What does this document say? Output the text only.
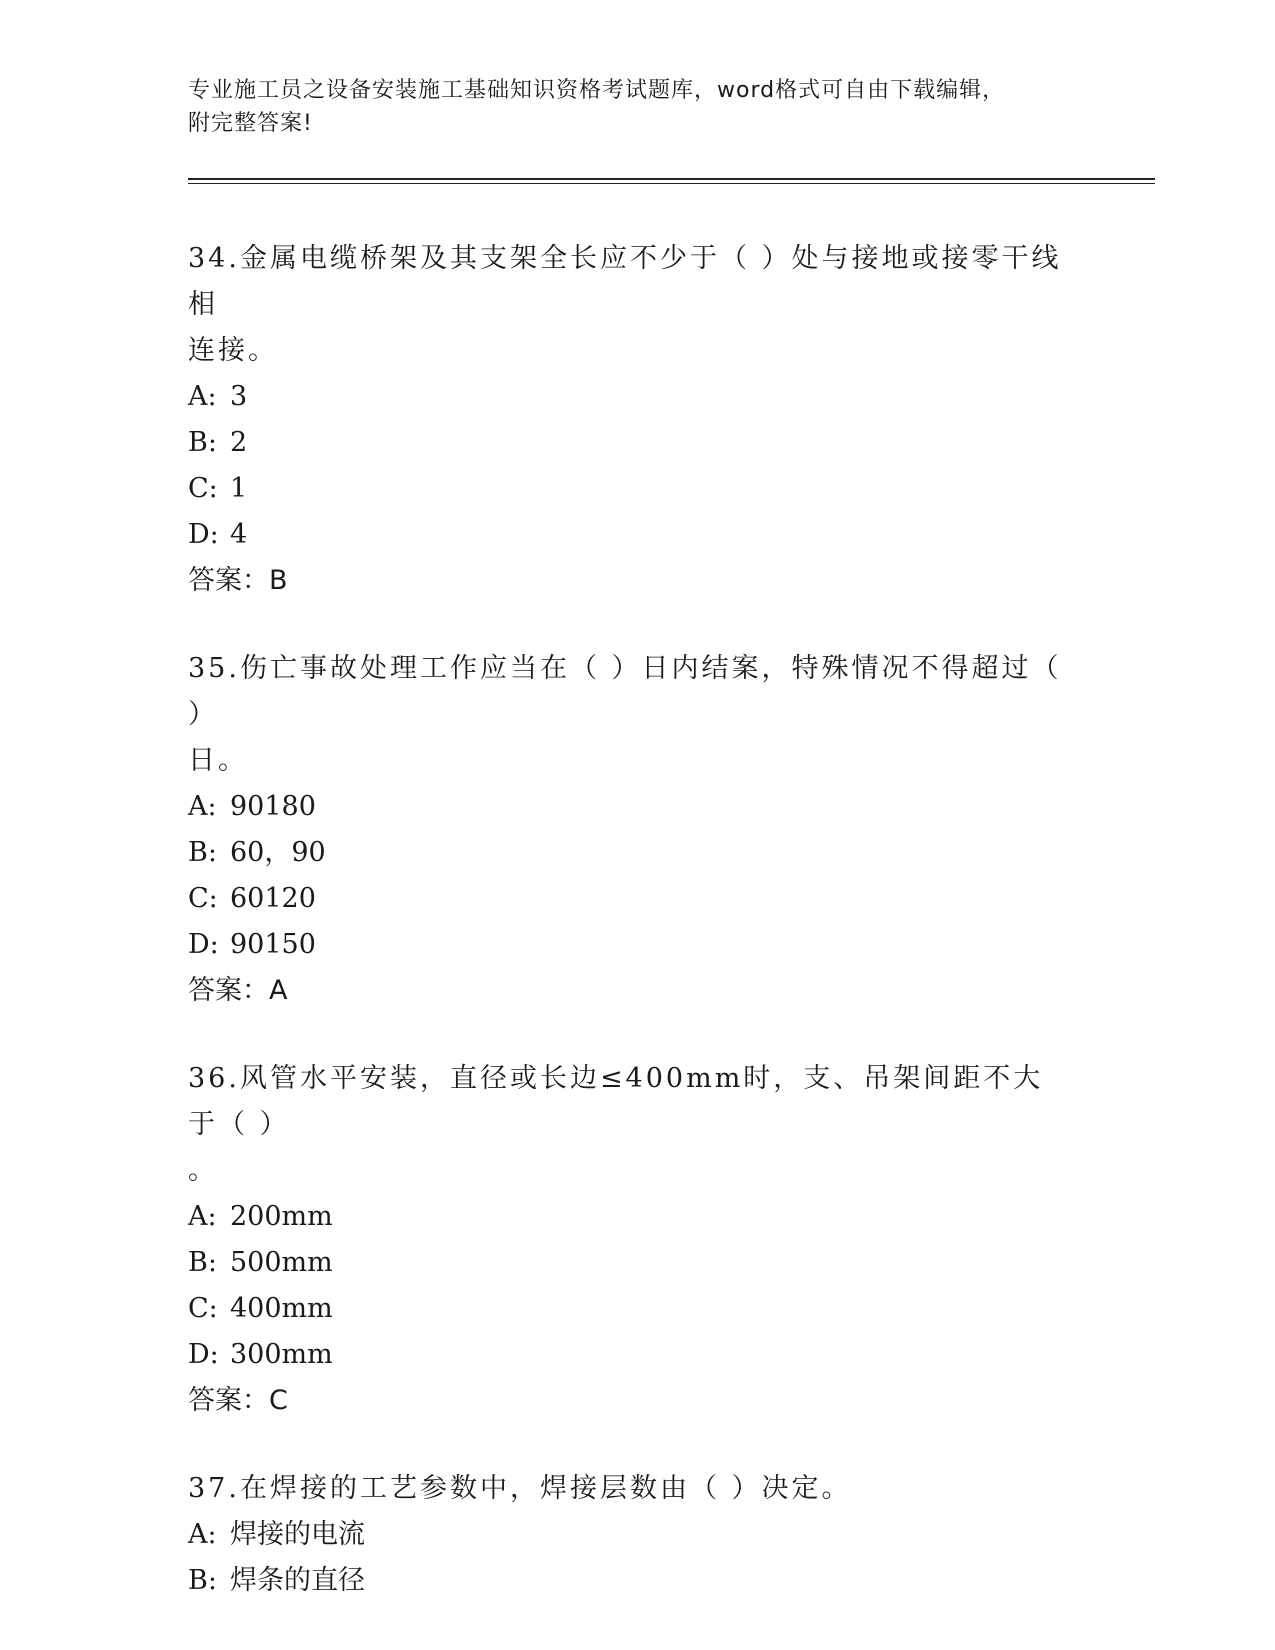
专业施工员之设备安装施工基础知识资格考试题库，word格式可自由下载编辑，
附完整答案!

34.金属电缆桥架及其支架全长应不少于（ ）处与接地或接零干线相

连接。

A: 3

B: 2

C: 1

D: 4

答案：B

35.伤亡事故处理工作应当在（ ）日内结案，特殊情况不得超过（ ）

日。

A: 90180

B: 60，90

C: 60120

D: 90150

答案：A

36.风管水平安装，直径或长边≤400mm时，支、吊架间距不大于（ ）

。

A: 200mm

B: 500mm

C: 400mm

D: 300mm

答案：C

37.在焊接的工艺参数中，焊接层数由（ ）决定。

A: 焊接的电流

B: 焊条的直径
